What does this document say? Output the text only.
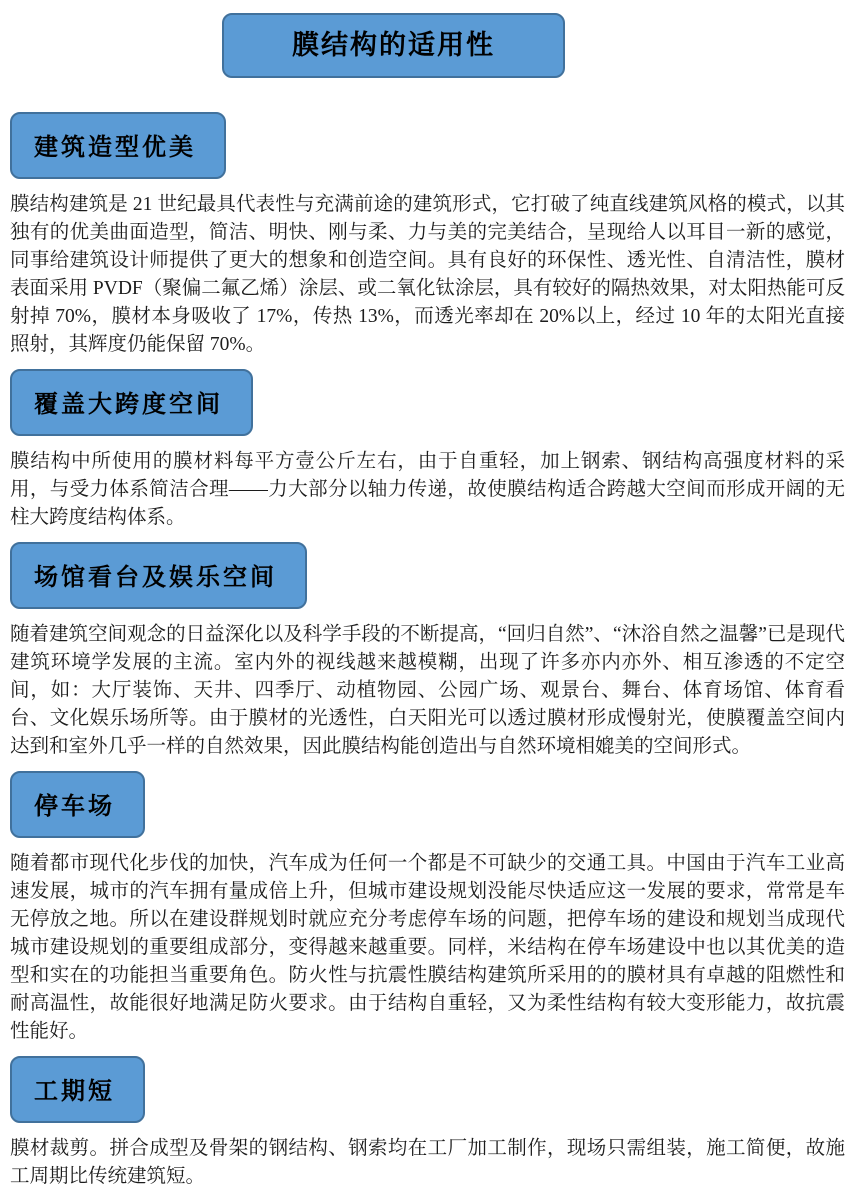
膜结构的适用性
建筑造型优美

膜结构建筑是 21 世纪最具代表性与充满前途的建筑形式，它打破了纯直线建筑风格的模式，以其独有的优美曲面造型，简洁、明快、刚与柔、力与美的完美结合，呈现给人以耳目一新的感觉，同事给建筑设计师提供了更大的想象和创造空间。具有良好的环保性、透光性、自清洁性，膜材表面采用 PVDF（聚偏二氟乙烯）涂层、或二氧化钛涂层，具有较好的隔热效果，对太阳热能可反射掉 70%，膜材本身吸收了 17%，传热 13%，而透光率却在 20%以上，经过 10 年的太阳光直接照射，其辉度仍能保留 70%。

覆盖大跨度空间

膜结构中所使用的膜材料每平方壹公斤左右，由于自重轻，加上钢索、钢结构高强度材料的采用，与受力体系简洁合理——力大部分以轴力传递，故使膜结构适合跨越大空间而形成开阔的无柱大跨度结构体系。

场馆看台及娱乐空间

随着建筑空间观念的日益深化以及科学手段的不断提高，“回归自然”、“沐浴自然之温馨”已是现代建筑环境学发展的主流。室内外的视线越来越模糊，出现了许多亦内亦外、相互渗透的不定空间，如：大厅装饰、天井、四季厅、动植物园、公园广场、观景台、舞台、体育场馆、体育看台、文化娱乐场所等。由于膜材的光透性，白天阳光可以透过膜材形成慢射光，使膜覆盖空间内达到和室外几乎一样的自然效果，因此膜结构能创造出与自然环境相媲美的空间形式。

停车场

随着都市现代化步伐的加快，汽车成为任何一个都是不可缺少的交通工具。中国由于汽车工业高速发展，城市的汽车拥有量成倍上升，但城市建设规划没能尽快适应这一发展的要求，常常是车无停放之地。所以在建设群规划时就应充分考虑停车场的问题，把停车场的建设和规划当成现代城市建设规划的重要组成部分，变得越来越重要。同样，米结构在停车场建设中也以其优美的造型和实在的功能担当重要角色。防火性与抗震性膜结构建筑所采用的的膜材具有卓越的阻燃性和耐高温性，故能很好地满足防火要求。由于结构自重轻，又为柔性结构有较大变形能力，故抗震性能好。

工期短

膜材裁剪。拼合成型及骨架的钢结构、钢索均在工厂加工制作，现场只需组装，施工简便，故施工周期比传统建筑短。
